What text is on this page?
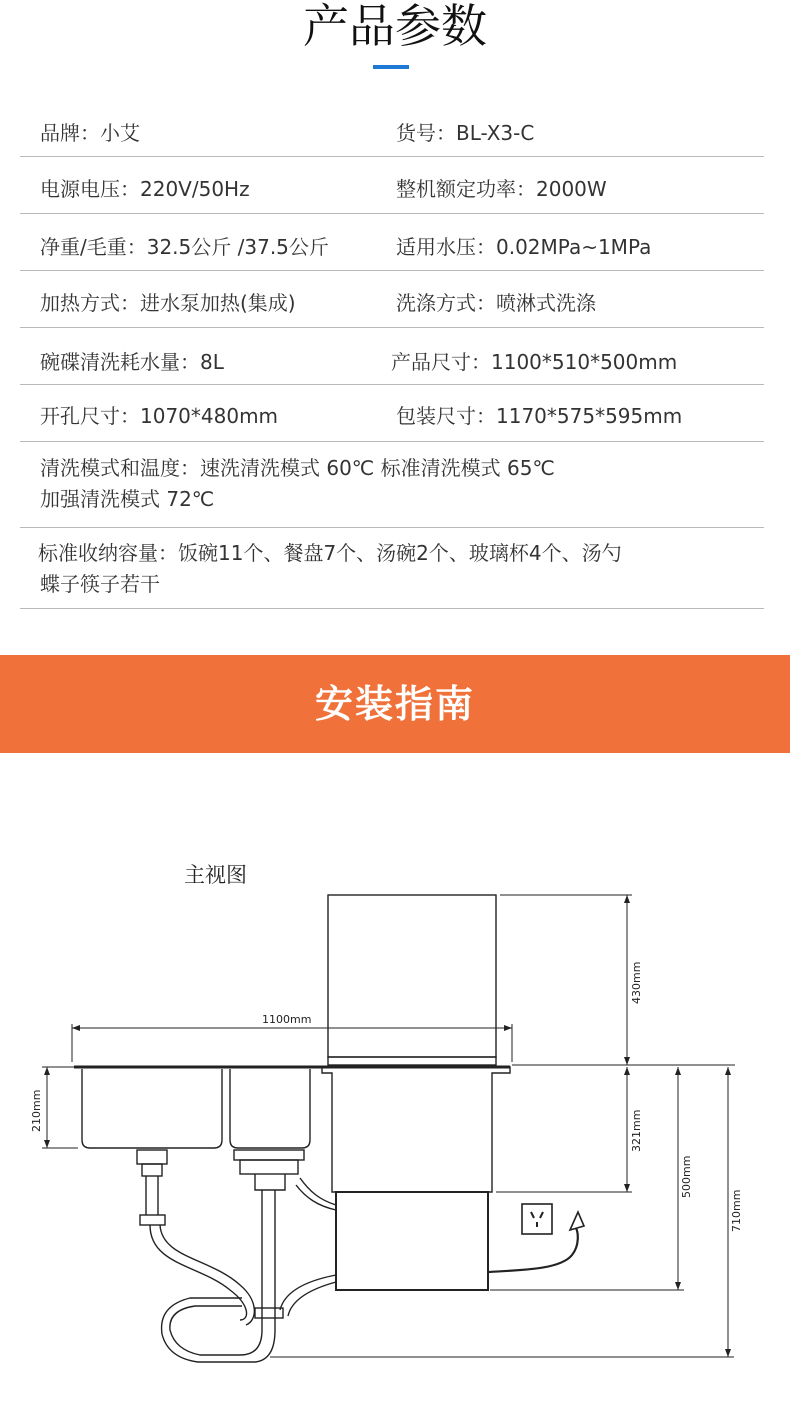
产品参数
品牌：小艾	货号：BL-X3-C
电源电压：220V/50Hz	整机额定功率：2000W
净重/毛重：32.5公斤 /37.5公斤	适用水压：0.02MPa~1MPa
加热方式：进水泵加热(集成)	洗涤方式：喷淋式洗涤
碗碟清洗耗水量：8L	产品尺寸：1100*510*500mm
开孔尺寸：1070*480mm	包装尺寸：1170*575*595mm
清洗模式和温度：速洗清洗模式 60℃ 标准清洗模式 65℃
加强清洗模式 72℃
标准收纳容量：饭碗11个、餐盘7个、汤碗2个、玻璃杯4个、汤勺
蝶子筷子若干
安装指南
主视图
1100mm
210mm
430mm
321mm
500mm
710mm
